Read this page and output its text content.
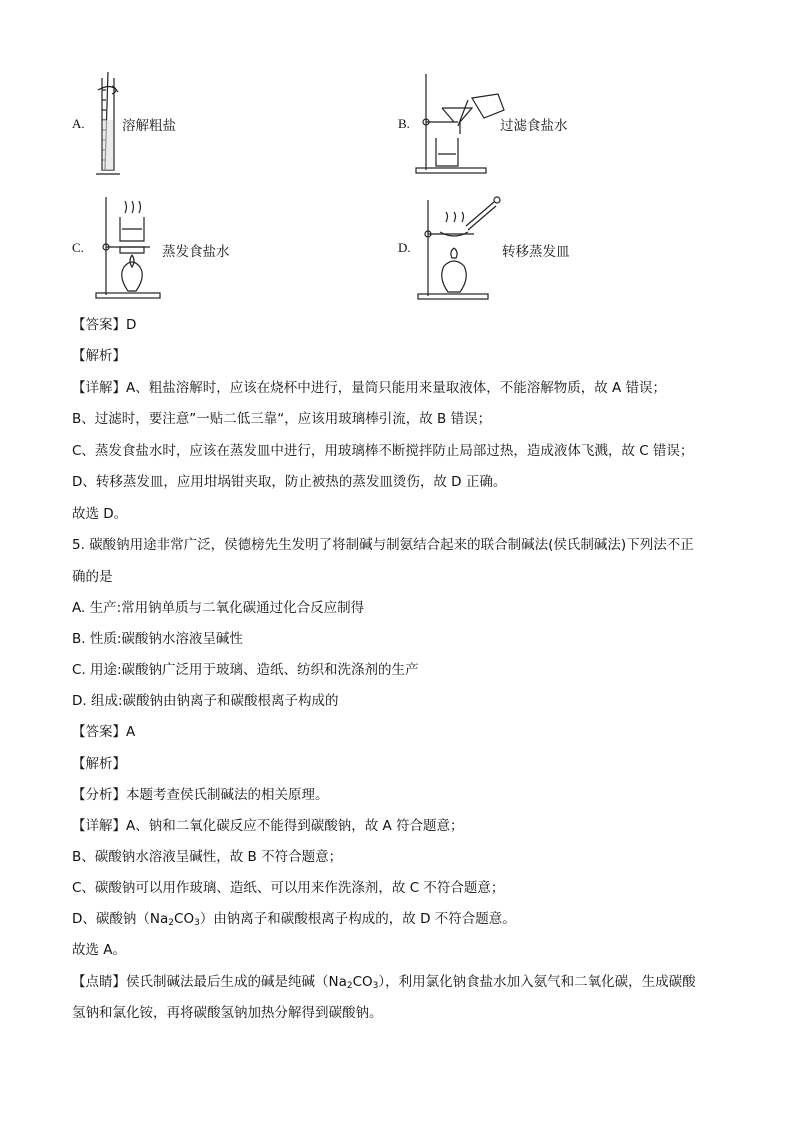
A.	溶解粗盐	B.	过滤食盐水
C.	蒸发食盐水	D.	转移蒸发皿
【答案】D
【解析】
【详解】A、粗盐溶解时，应该在烧杯中进行，量筒只能用来量取液体，不能溶解物质，故 A 错误；
B、过滤时，要注意”一贴二低三靠“，应该用玻璃棒引流，故 B 错误；
C、蒸发食盐水时，应该在蒸发皿中进行，用玻璃棒不断搅拌防止局部过热，造成液体飞溅，故 C 错误；
D、转移蒸发皿，应用坩埚钳夹取，防止被热的蒸发皿烫伤，故 D 正确。
故选 D。
5. 碳酸钠用途非常广泛，侯德榜先生发明了将制碱与制氨结合起来的联合制碱法(侯氏制碱法)下列法不正
确的是
A. 生产:常用钠单质与二氧化碳通过化合反应制得
B. 性质:碳酸钠水溶液呈碱性
C. 用途:碳酸钠广泛用于玻璃、造纸、纺织和洗涤剂的生产
D. 组成:碳酸钠由钠离子和碳酸根离子构成的
【答案】A
【解析】
【分析】本题考查侯氏制碱法的相关原理。
【详解】A、钠和二氧化碳反应不能得到碳酸钠，故 A 符合题意；
B、碳酸钠水溶液呈碱性，故 B 不符合题意；
C、碳酸钠可以用作玻璃、造纸、可以用来作洗涤剂，故 C 不符合题意；
D、碳酸钠$(Na_2CO_3)$由钠离子和碳酸根离子构成的，故 D 不符合题意。
故选 A。
【点睛】侯氏制碱法最后生成的碱是纯碱$(Na_2CO_3)$，利用氯化钠食盐水加入氨气和二氧化碳，生成碳酸
氢钠和氯化铵，再将碳酸氢钠加热分解得到碳酸钠。
